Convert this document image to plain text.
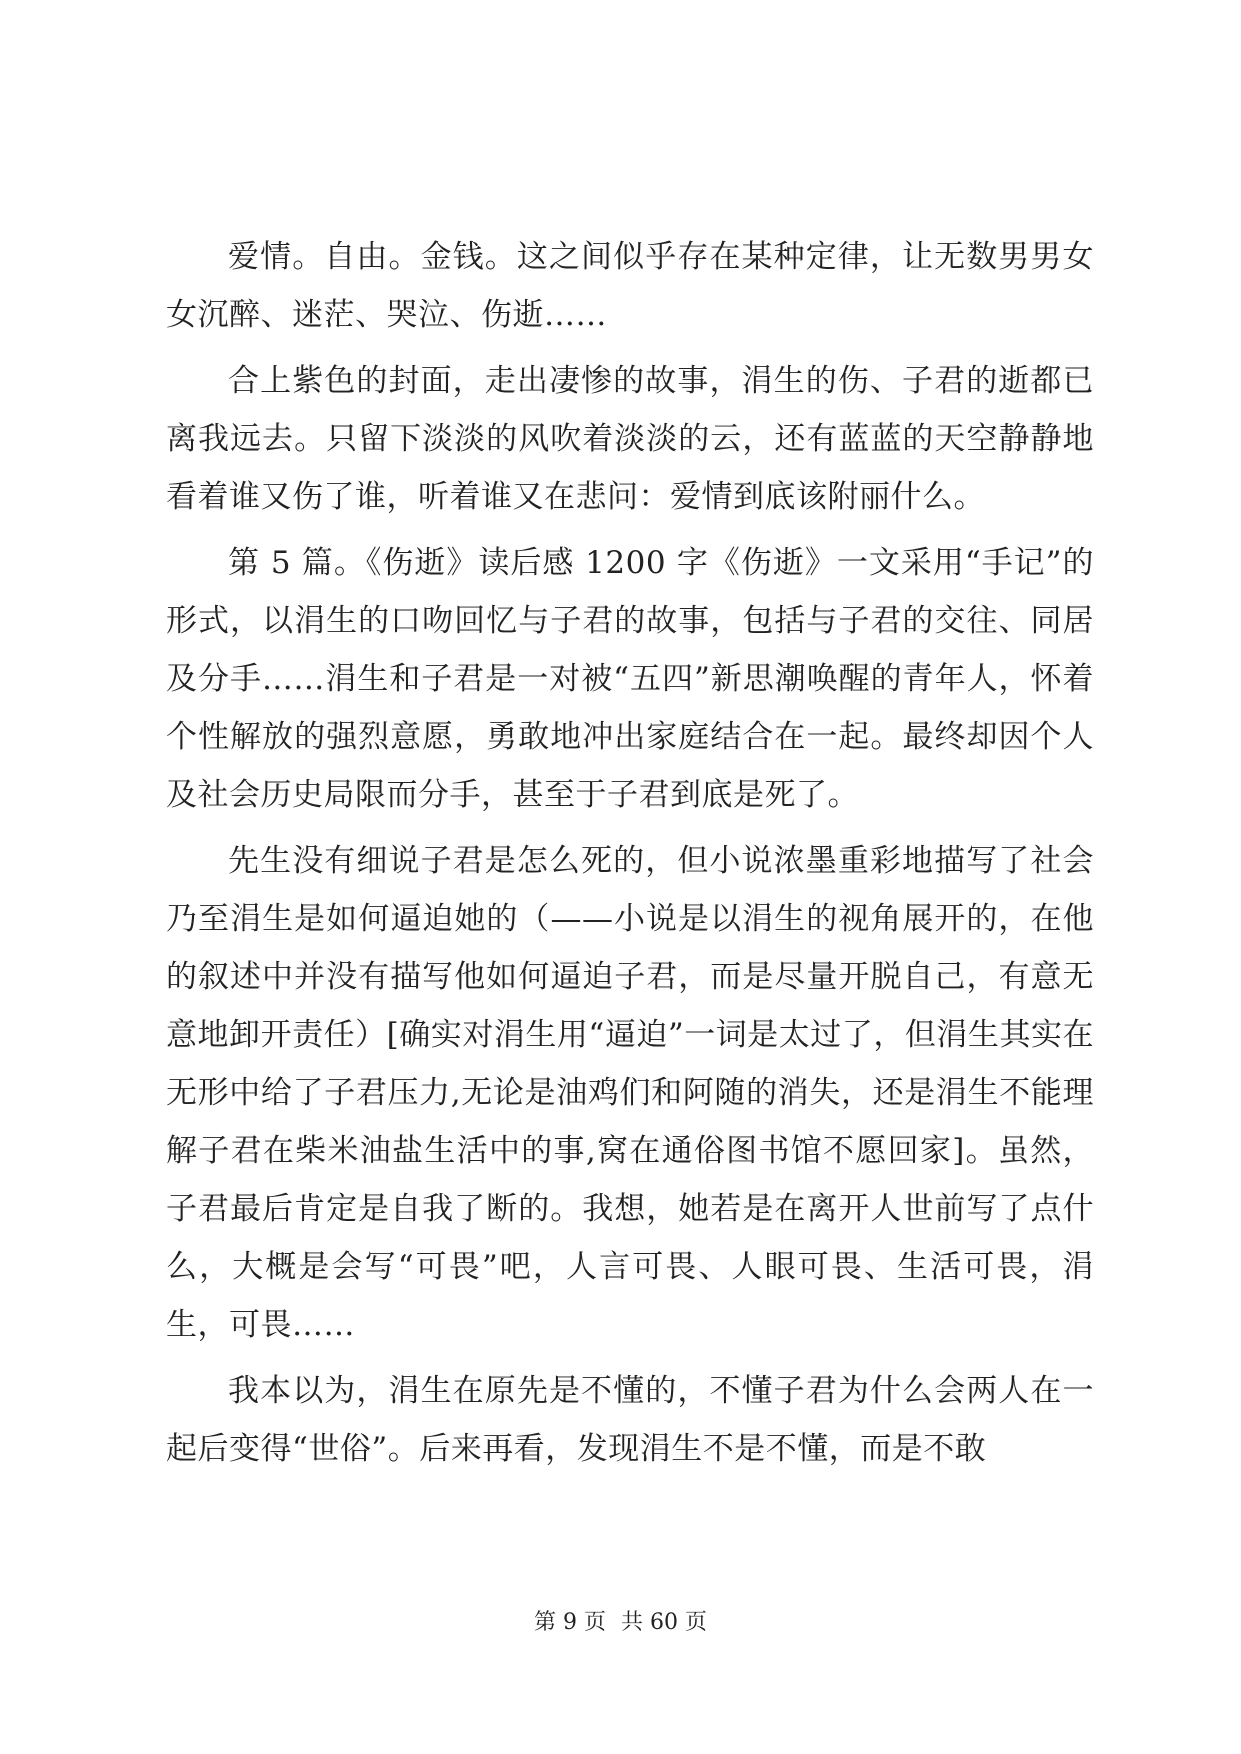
爱情。自由。金钱。这之间似乎存在某种定律，让无数男男女女沉醉、迷茫、哭泣、伤逝……

合上紫色的封面，走出凄惨的故事，涓生的伤、子君的逝都已离我远去。只留下淡淡的风吹着淡淡的云，还有蓝蓝的天空静静地看着谁又伤了谁，听着谁又在悲问：爱情到底该附丽什么。

第 5 篇。《伤逝》读后感 1200 字《伤逝》一文采用“手记”的形式，以涓生的口吻回忆与子君的故事，包括与子君的交往、同居及分手……涓生和子君是一对被“五四”新思潮唤醒的青年人，怀着个性解放的强烈意愿，勇敢地冲出家庭结合在一起。最终却因个人及社会历史局限而分手，甚至于子君到底是死了。

先生没有细说子君是怎么死的，但小说浓墨重彩地描写了社会乃至涓生是如何逼迫她的（——小说是以涓生的视角展开的，在他的叙述中并没有描写他如何逼迫子君，而是尽量开脱自己，有意无意地卸开责任）[确实对涓生用“逼迫”一词是太过了，但涓生其实在无形中给了子君压力,无论是油鸡们和阿随的消失，还是涓生不能理解子君在柴米油盐生活中的事,窝在通俗图书馆不愿回家]。虽然，子君最后肯定是自我了断的。我想，她若是在离开人世前写了点什么，大概是会写“可畏”吧，人言可畏、人眼可畏、生活可畏，涓生，可畏……

我本以为，涓生在原先是不懂的，不懂子君为什么会两人在一起后变得“世俗”。后来再看，发现涓生不是不懂，而是不敢

第 9 页 共 60 页
